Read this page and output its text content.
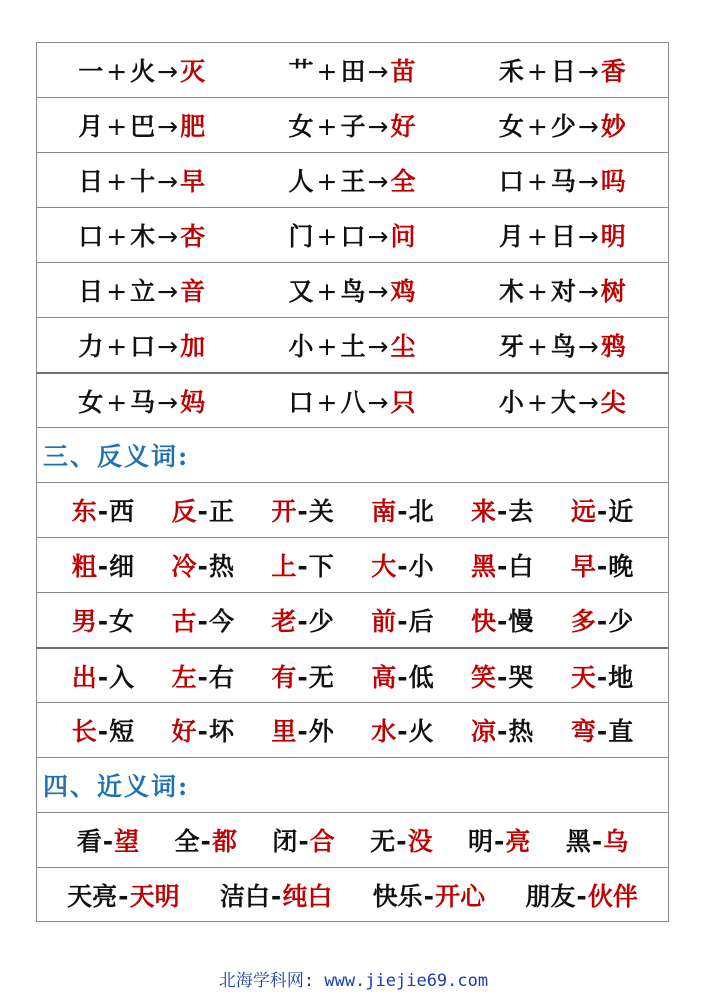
一+火→灭	艹+田→苗	禾+日→香
月+巴→肥	女+子→好	女+少→妙
日+十→早	人+王→全	口+马→吗
口+木→杏	门+口→问	月+日→明
日+立→音	又+鸟→鸡	木+对→树
力+口→加	小+土→尘	牙+鸟→鸦
女+马→妈	口+八→只	小+大→尖
三、反义词:
东-西 反-正 开-关 南-北 来-去 远-近
粗-细 冷-热 上-下 大-小 黑-白 早-晚
男-女 古-今 老-少 前-后 快-慢 多-少
出-入 左-右 有-无 高-低 笑-哭 天-地
长-短 好-坏 里-外 水-火 凉-热 弯-直
四、近义词:
看-望 全-都 闭-合 无-没 明-亮 黑-乌
天亮-天明 洁白-纯白 快乐-开心 朋友-伙伴
北海学科网: www.jiejie69.com
